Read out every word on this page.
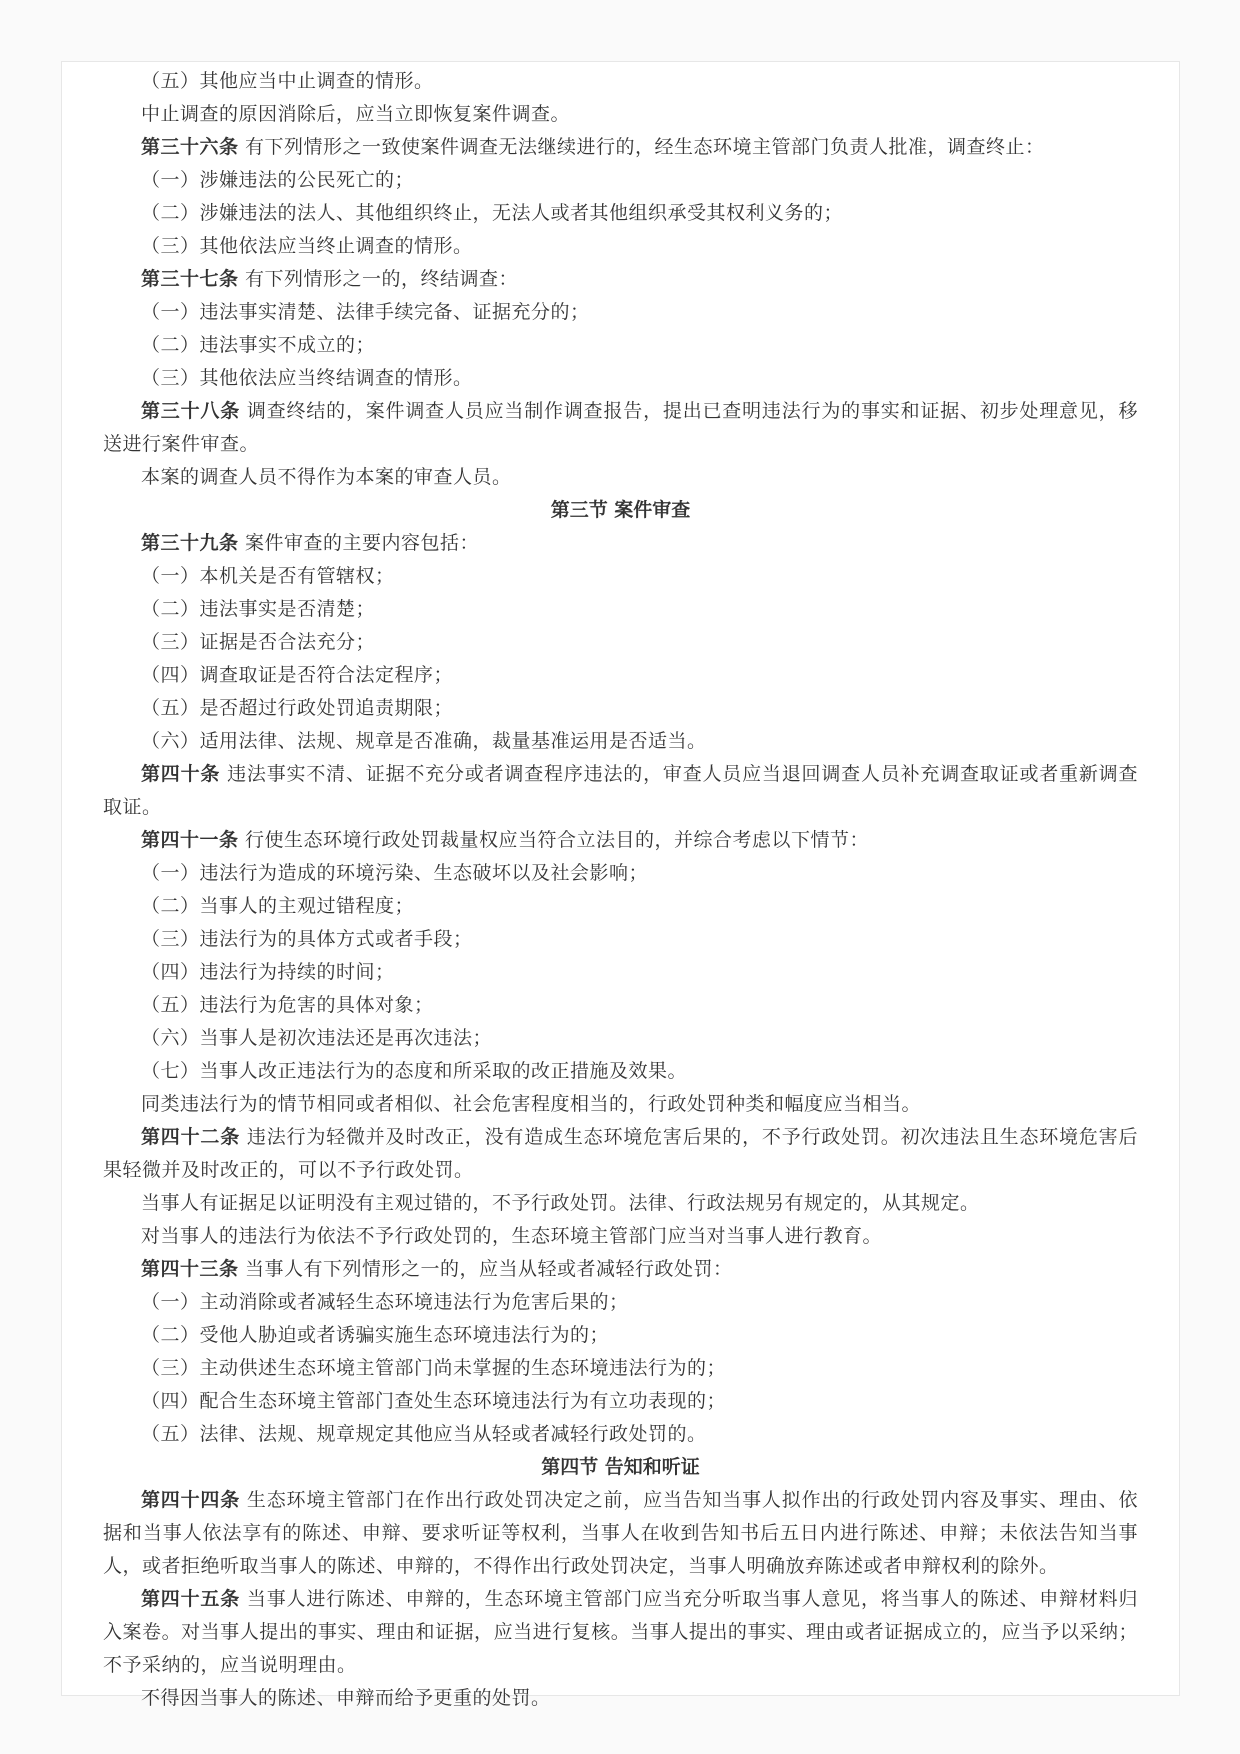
（五）其他应当中止调查的情形。

中止调查的原因消除后，应当立即恢复案件调查。

第三十六条 有下列情形之一致使案件调查无法继续进行的，经生态环境主管部门负责人批准，调查终止：

（一）涉嫌违法的公民死亡的；

（二）涉嫌违法的法人、其他组织终止，无法人或者其他组织承受其权利义务的；

（三）其他依法应当终止调查的情形。

第三十七条 有下列情形之一的，终结调查：

（一）违法事实清楚、法律手续完备、证据充分的；

（二）违法事实不成立的；

（三）其他依法应当终结调查的情形。

第三十八条 调查终结的，案件调查人员应当制作调查报告，提出已查明违法行为的事实和证据、初步处理意见，移送进行案件审查。

本案的调查人员不得作为本案的审查人员。

第三节 案件审查

第三十九条 案件审查的主要内容包括：

（一）本机关是否有管辖权；

（二）违法事实是否清楚；

（三）证据是否合法充分；

（四）调查取证是否符合法定程序；

（五）是否超过行政处罚追责期限；

（六）适用法律、法规、规章是否准确，裁量基准运用是否适当。

第四十条 违法事实不清、证据不充分或者调查程序违法的，审查人员应当退回调查人员补充调查取证或者重新调查取证。

第四十一条 行使生态环境行政处罚裁量权应当符合立法目的，并综合考虑以下情节：

（一）违法行为造成的环境污染、生态破坏以及社会影响；

（二）当事人的主观过错程度；

（三）违法行为的具体方式或者手段；

（四）违法行为持续的时间；

（五）违法行为危害的具体对象；

（六）当事人是初次违法还是再次违法；

（七）当事人改正违法行为的态度和所采取的改正措施及效果。

同类违法行为的情节相同或者相似、社会危害程度相当的，行政处罚种类和幅度应当相当。

第四十二条 违法行为轻微并及时改正，没有造成生态环境危害后果的，不予行政处罚。初次违法且生态环境危害后果轻微并及时改正的，可以不予行政处罚。

当事人有证据足以证明没有主观过错的，不予行政处罚。法律、行政法规另有规定的，从其规定。

对当事人的违法行为依法不予行政处罚的，生态环境主管部门应当对当事人进行教育。

第四十三条 当事人有下列情形之一的，应当从轻或者减轻行政处罚：

（一）主动消除或者减轻生态环境违法行为危害后果的；

（二）受他人胁迫或者诱骗实施生态环境违法行为的；

（三）主动供述生态环境主管部门尚未掌握的生态环境违法行为的；

（四）配合生态环境主管部门查处生态环境违法行为有立功表现的；

（五）法律、法规、规章规定其他应当从轻或者减轻行政处罚的。

第四节 告知和听证

第四十四条 生态环境主管部门在作出行政处罚决定之前，应当告知当事人拟作出的行政处罚内容及事实、理由、依据和当事人依法享有的陈述、申辩、要求听证等权利，当事人在收到告知书后五日内进行陈述、申辩；未依法告知当事人，或者拒绝听取当事人的陈述、申辩的，不得作出行政处罚决定，当事人明确放弃陈述或者申辩权利的除外。

第四十五条 当事人进行陈述、申辩的，生态环境主管部门应当充分听取当事人意见，将当事人的陈述、申辩材料归入案卷。对当事人提出的事实、理由和证据，应当进行复核。当事人提出的事实、理由或者证据成立的，应当予以采纳；不予采纳的，应当说明理由。

不得因当事人的陈述、申辩而给予更重的处罚。
